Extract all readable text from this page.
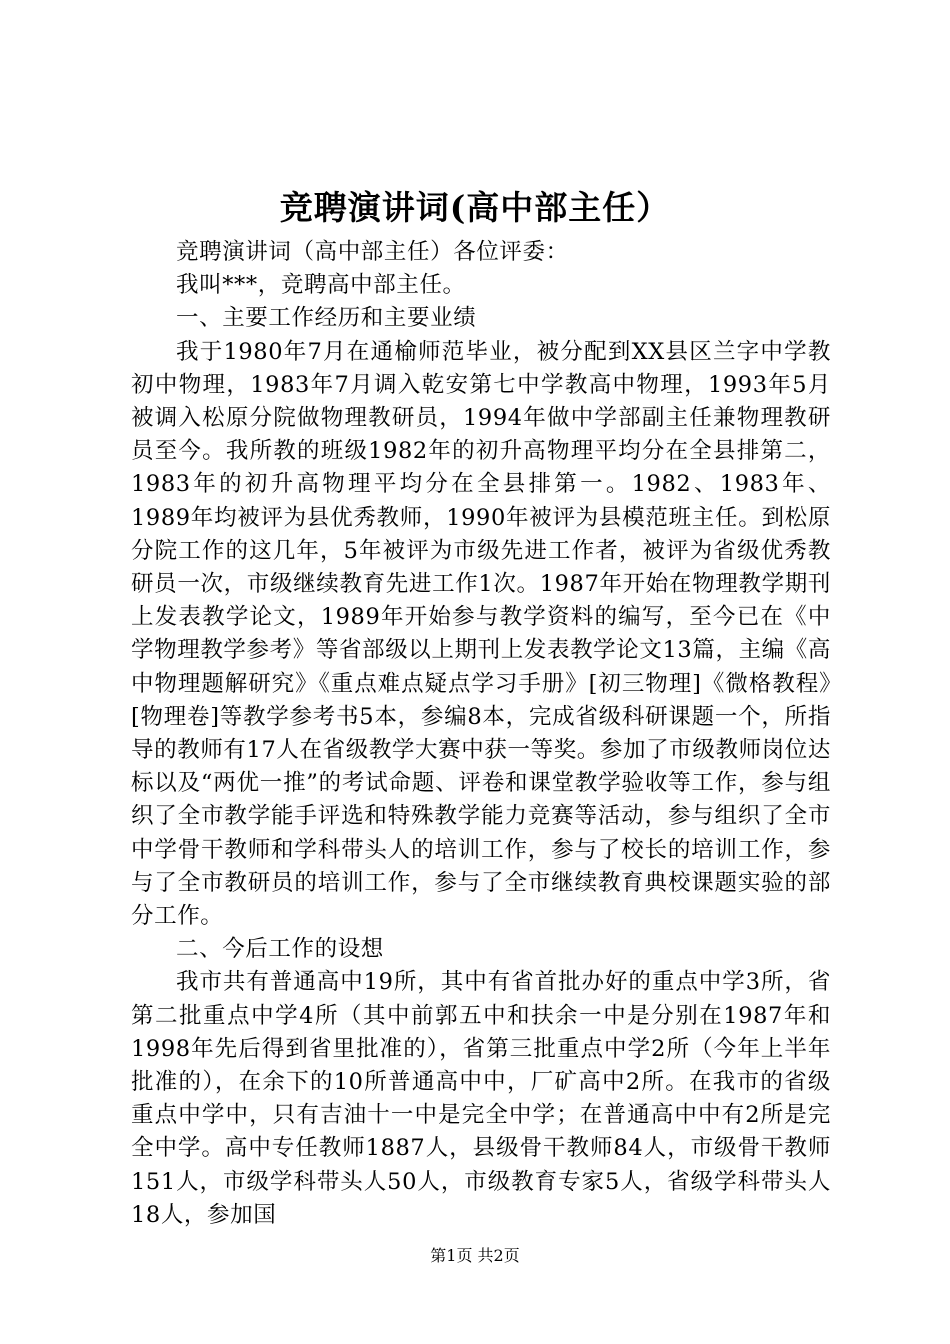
竞聘演讲词(高中部主任）

竞聘演讲词（高中部主任）各位评委：

我叫***，竞聘高中部主任。

一、主要工作经历和主要业绩

我于1980年7月在通榆师范毕业，被分配到XX县区兰字中学教初中物理，1983年7月调入乾安第七中学教高中物理，1993年5月被调入松原分院做物理教研员，1994年做中学部副主任兼物理教研员至今。我所教的班级1982年的初升高物理平均分在全县排第二，1983年的初升高物理平均分在全县排第一。1982、1983年、1989年均被评为县优秀教师，1990年被评为县模范班主任。到松原分院工作的这几年，5年被评为市级先进工作者，被评为省级优秀教研员一次，市级继续教育先进工作1次。1987年开始在物理教学期刊上发表教学论文，1989年开始参与教学资料的编写，至今已在《中学物理教学参考》等省部级以上期刊上发表教学论文13篇，主编《高中物理题解研究》《重点难点疑点学习手册》[初三物理]《微格教程》[物理卷]等教学参考书5本，参编8本，完成省级科研课题一个，所指导的教师有17人在省级教学大赛中获一等奖。参加了市级教师岗位达标以及“两优一推”的考试命题、评卷和课堂教学验收等工作，参与组织了全市教学能手评选和特殊教学能力竞赛等活动，参与组织了全市中学骨干教师和学科带头人的培训工作，参与了校长的培训工作，参与了全市教研员的培训工作，参与了全市继续教育典校课题实验的部分工作。

二、今后工作的设想

我市共有普通高中19所，其中有省首批办好的重点中学3所，省第二批重点中学4所（其中前郭五中和扶余一中是分别在1987年和1998年先后得到省里批准的），省第三批重点中学2所（今年上半年批准的），在余下的10所普通高中中，厂矿高中2所。在我市的省级重点中学中，只有吉油十一中是完全中学；在普通高中中有2所是完全中学。高中专任教师1887人，县级骨干教师84人，市级骨干教师151人，市级学科带头人50人，市级教育专家5人，省级学科带头人18人，参加国

第1页 共2页
